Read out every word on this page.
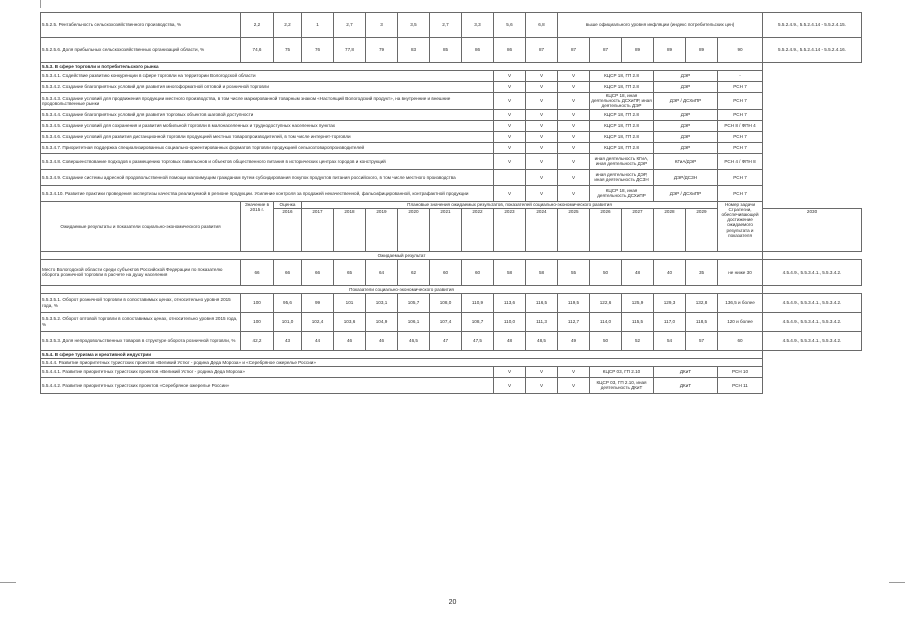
5.5.2.5. Рентабельность сельскохозяйственного производства, %	2,2	2,2	1	2,7	3	3,5	2,7	3,3	5,6	6,8	выше официального уровня инфляции (индекс потребительских цен)						5.5.2.4.9., 5.5.2.4.14 - 5.5.2.4.15.
5.5.2.5.6. Доля прибыльных сельскохозяйственных организаций области, %	74,6	75	76	77,8	79	83	85	86	86	87	87	87	89	89	89	90	5.5.2.4.9., 5.5.2.4.14 - 5.5.2.4.16.
5.5.3. В сфере торговли и потребительского рынка																	
5.5.3.4.1. Содействие развитию конкуренции в сфере торговли на территории Вологодской области									V	V	V	КЦСР 18, ГП 2.8		ДЭР		-	
5.5.3.4.2. Создание благоприятных условий для развития многоформатной оптовой и розничной торговли									V	V	V	КЦСР 18, ГП 2.8		ДЭР		РСН 7	
5.5.3.4.3. Создание условий для продвижения продукции местного производства, в том числе маркированной товарным знаком «Настоящий Вологодский продукт», на внутренние и внешние продовольственные рынки									V	V	V	КЦСР 18, иная деятельность ДСХиПР, иная деятельность ДЭР		ДЭР / ДСХиПР		РСН 7	
5.5.3.4.4. Создание благоприятных условий для развития торговых объектов шаговой доступности									V	V	V	КЦСР 18, ГП 2.8		ДЭР		РСН 7	
5.5.3.4.5. Создание условий для сохранения и развития мобильной торговли в малонаселенных и труднодоступных населенных пунктах									V	V	V	КЦСР 18, ГП 2.8		ДЭР		РСН 8 / ФПН 4	
5.5.3.4.6. Создание условий для развития дистанционной торговли продукцией местных товаропроизводителей, в том числе интернет-торговли									V	V	V	КЦСР 18, ГП 2.8		ДЭР		РСН 7	
5.5.3.4.7. Приоритетная поддержка специализированных социально-ориентированных форматов торговли продукцией сельхозтоваропроизводителей									V	V	V	КЦСР 18, ГП 2.8		ДЭР		РСН 7	
5.5.3.4.8. Совершенствование подходов к размещению торговых павильонов и объектов общественного питания в исторических центрах городов и конструкций									V	V	V	иная деятельность КГиА, иная деятельность ДЭР		КГиА/ДЭР		РСН 4 / ФПН 8	
5.5.3.4.9. Создание системы адресной продовольственной помощи малоимущим гражданам путем субсидирования покупок продуктов питания российского, в том числе местного производства										V	V	иная деятельность ДЭР, иная деятельность ДСЗН		ДЭР/ДСЗН		РСН 7	
5.5.3.4.10. Развитие практики проведения экспертизы качества реализуемой в регионе продукции. Усиление контроля за продажей некачественной, фальсифицированной, контрафактной продукции									V	V	V	КЦСР 18, иная деятельность ДСХиПР		ДЭР / ДСХиПР		РСН 7	
Ожидаемые результаты и показатели социально-экономического развития	Значение в 2015 г.	Оценка	Плановые значения ожидаемых результатов, показателей социально-экономического развития													Номер задачи Стратегии, обеспечивающей достижение ожидаемого результата и показателя	
		2016	2017	2018	2019	2020	2021	2022	2023	2024	2025	2026	2027	2028	2029		2030
Ожидаемый результат																	
Место Вологодской области среди субъектов Российской Федерации по показателю оборота розничной торговли в расчете на душу населения	66	66	66	65	64	62	60	60	58	58	55	50	48	40	35	не ниже 30	4.5.4.9., 5.5.3.4.1., 5.5.3.4.2.
Показатели социально-экономического развития																	
5.5.3.5.1. Оборот розничной торговли в сопоставимых ценах, относительно уровня 2015 года, %	100	95,6	99	101	103,1	105,7	108,0	110,9	113,6	116,5	119,5	122,6	125,9	129,3	132,8	136,5 и более	4.5.4.9., 5.5.3.4.1., 5.5.3.4.2.
5.5.3.5.2. Оборот оптовой торговли в сопоставимых ценах, относительно уровня 2015 года, %	100	101,0	102,4	103,6	104,9	106,1	107,4	108,7	110,0	111,3	112,7	114,0	115,5	117,0	118,5	120 и более	4.5.4.9., 5.5.3.4.1., 5.5.3.4.2.
5.5.3.5.3. Доля непродовольственных товаров в структуре оборота розничной торговли, %	42,2	43	44	46	46	46,5	47	47,5	48	48,5	49	50	52	54	57	60	4.5.4.9., 5.5.3.4.1., 5.5.3.4.2.
5.5.4. В сфере туризма и креативной индустрии																	
5.5.4.4. Развитие приоритетных туристских проектов «Великий Устюг - родина Деда Мороза» и «Серебряное ожерелье России»																	
5.5.4.4.1. Развитие приоритетных туристских проектов «Великий Устюг - родина Деда Мороза»									V	V	V	КЦСР 03, ГП 2.10		ДКиТ		РСН 10	
5.5.4.4.2. Развитие приоритетных туристских проектов «Серебряное ожерелье России»									V	V	V	КЦСР 03, ГП 2.10, иная деятельность ДКиТ		ДКиТ		РСН 11	
20
